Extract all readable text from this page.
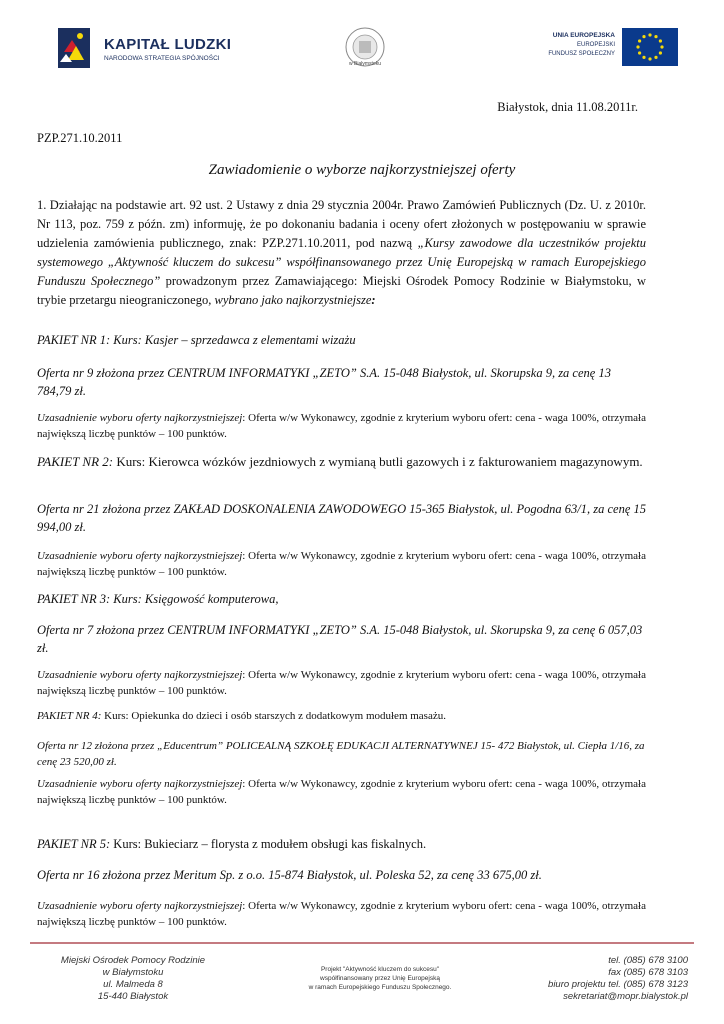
KAPITAŁ LUDZKI
NARODOWA STRATEGIA SPÓJNOŚCI
w Białymstoku
UNIA EUROPEJSKA
EUROPEJSKI
FUNDUSZ SPOŁECZNY
Białystok, dnia 11.08.2011r.
PZP.271.10.2011
Zawiadomienie o wyborze najkorzystniejszej oferty
1. Działając na podstawie art. 92 ust. 2 Ustawy z dnia 29 stycznia 2004r. Prawo Zamówień Publicznych (Dz. U. z 2010r. Nr 113, poz. 759 z późn. zm) informuję, że po dokonaniu badania i oceny ofert złożonych w postępowaniu w sprawie udzielenia zamówienia publicznego, znak: PZP.271.10.2011, pod nazwą „Kursy zawodowe dla uczestników projektu systemowego „Aktywność kluczem do sukcesu” współfinansowanego przez Unię Europejską w ramach Europejskiego Funduszu Społecznego” prowadzonym przez Zamawiającego: Miejski Ośrodek Pomocy Rodzinie w Białymstoku, w trybie przetargu nieograniczonego, wybrano jako najkorzystniejsze:
PAKIET NR 1: Kurs: Kasjer – sprzedawca z elementami wizażu
Oferta nr 9 złożona przez CENTRUM INFORMATYKI „ZETO” S.A. 15-048 Białystok, ul. Skorupska 9, za cenę 13 784,79 zł.
Uzasadnienie wyboru oferty najkorzystniejszej: Oferta w/w Wykonawcy, zgodnie z kryterium wyboru ofert: cena - waga 100%, otrzymała największą liczbę punktów – 100 punktów.
PAKIET NR 2: Kurs: Kierowca wózków jezdniowych z wymianą butli gazowych i z fakturowaniem magazynowym.
Oferta nr 21 złożona przez ZAKŁAD DOSKONALENIA ZAWODOWEGO 15-365 Białystok, ul. Pogodna 63/1, za cenę 15 994,00 zł.
Uzasadnienie wyboru oferty najkorzystniejszej: Oferta w/w Wykonawcy, zgodnie z kryterium wyboru ofert: cena - waga 100%, otrzymała największą liczbę punktów – 100 punktów.
PAKIET NR 3: Kurs: Księgowość komputerowa,
Oferta nr 7 złożona przez CENTRUM INFORMATYKI „ZETO” S.A. 15-048 Białystok, ul. Skorupska 9, za cenę 6 057,03 zł.
Uzasadnienie wyboru oferty najkorzystniejszej: Oferta w/w Wykonawcy, zgodnie z kryterium wyboru ofert: cena - waga 100%, otrzymała największą liczbę punktów – 100 punktów.
PAKIET NR 4: Kurs: Opiekunka do dzieci i osób starszych z dodatkowym modułem masażu.
Oferta nr 12 złożona przez „Educentrum” POLICEALNĄ SZKOŁĘ EDUKACJI ALTERNATYWNEJ 15- 472 Białystok, ul. Ciepła 1/16, za cenę 23 520,00 zł.
Uzasadnienie wyboru oferty najkorzystniejszej: Oferta w/w Wykonawcy, zgodnie z kryterium wyboru ofert: cena - waga 100%, otrzymała największą liczbę punktów – 100 punktów.
PAKIET NR 5: Kurs: Bukieciarz – florysta z modułem obsługi kas fiskalnych.
Oferta nr 16 złożona przez Meritum Sp. z o.o. 15-874 Białystok, ul. Poleska 52, za cenę 33 675,00 zł.
Uzasadnienie wyboru oferty najkorzystniejszej: Oferta w/w Wykonawcy, zgodnie z kryterium wyboru ofert: cena - waga 100%, otrzymała największą liczbę punktów – 100 punktów.
Miejski Ośrodek Pomocy Rodzinie
w Białymstoku
ul. Malmeda 8
15-440 Białystok
Projekt "Aktywność kluczem do sukcesu"
współfinansowany przez Unię Europejską
w ramach Europejskiego Funduszu Społecznego.
tel. (085) 678 3100
fax (085) 678 3103
biuro projektu tel. (085) 678 3123
sekretariat@mopr.bialystok.pl
